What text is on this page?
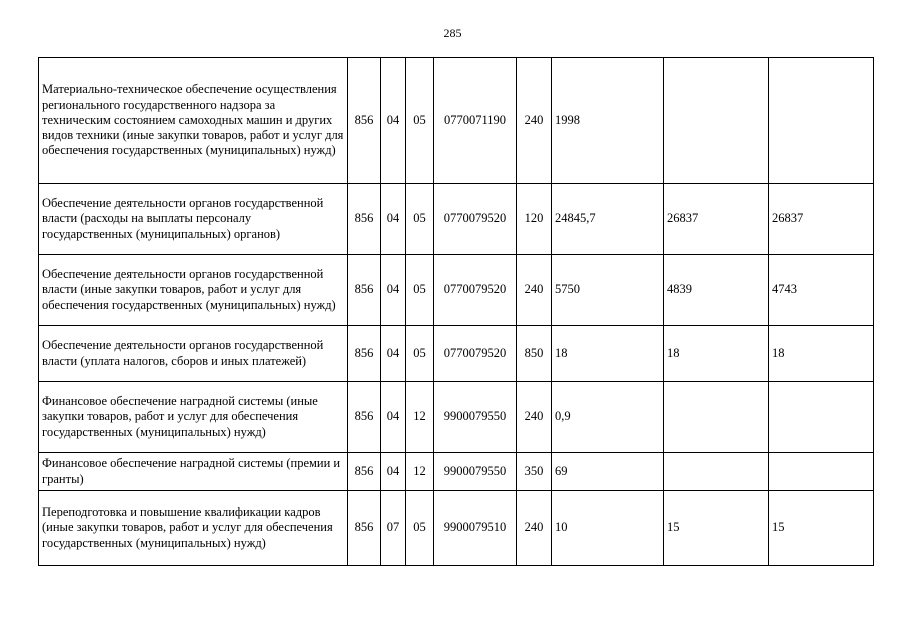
285
Материально-техническое обеспечение осуществления регионального государственного надзора за техническим состоянием самоходных машин и других видов техники (иные закупки товаров, работ и услуг для обеспечения государственных (муниципальных) нужд)	856	04	05	0770071190	240	1998		
Обеспечение деятельности органов государственной власти (расходы на выплаты персоналу государственных (муниципальных) органов)	856	04	05	0770079520	120	24845,7	26837	26837
Обеспечение деятельности органов государственной власти (иные закупки товаров, работ и услуг для обеспечения государственных (муниципальных) нужд)	856	04	05	0770079520	240	5750	4839	4743
Обеспечение деятельности органов государственной власти (уплата налогов, сборов и иных платежей)	856	04	05	0770079520	850	18	18	18
Финансовое обеспечение наградной системы (иные закупки товаров, работ и услуг для обеспечения государственных (муниципальных) нужд)	856	04	12	9900079550	240	0,9		
Финансовое обеспечение наградной системы (премии и гранты)	856	04	12	9900079550	350	69		
Переподготовка и повышение квалификации кадров (иные закупки товаров, работ и услуг для обеспечения государственных (муниципальных) нужд)	856	07	05	9900079510	240	10	15	15
